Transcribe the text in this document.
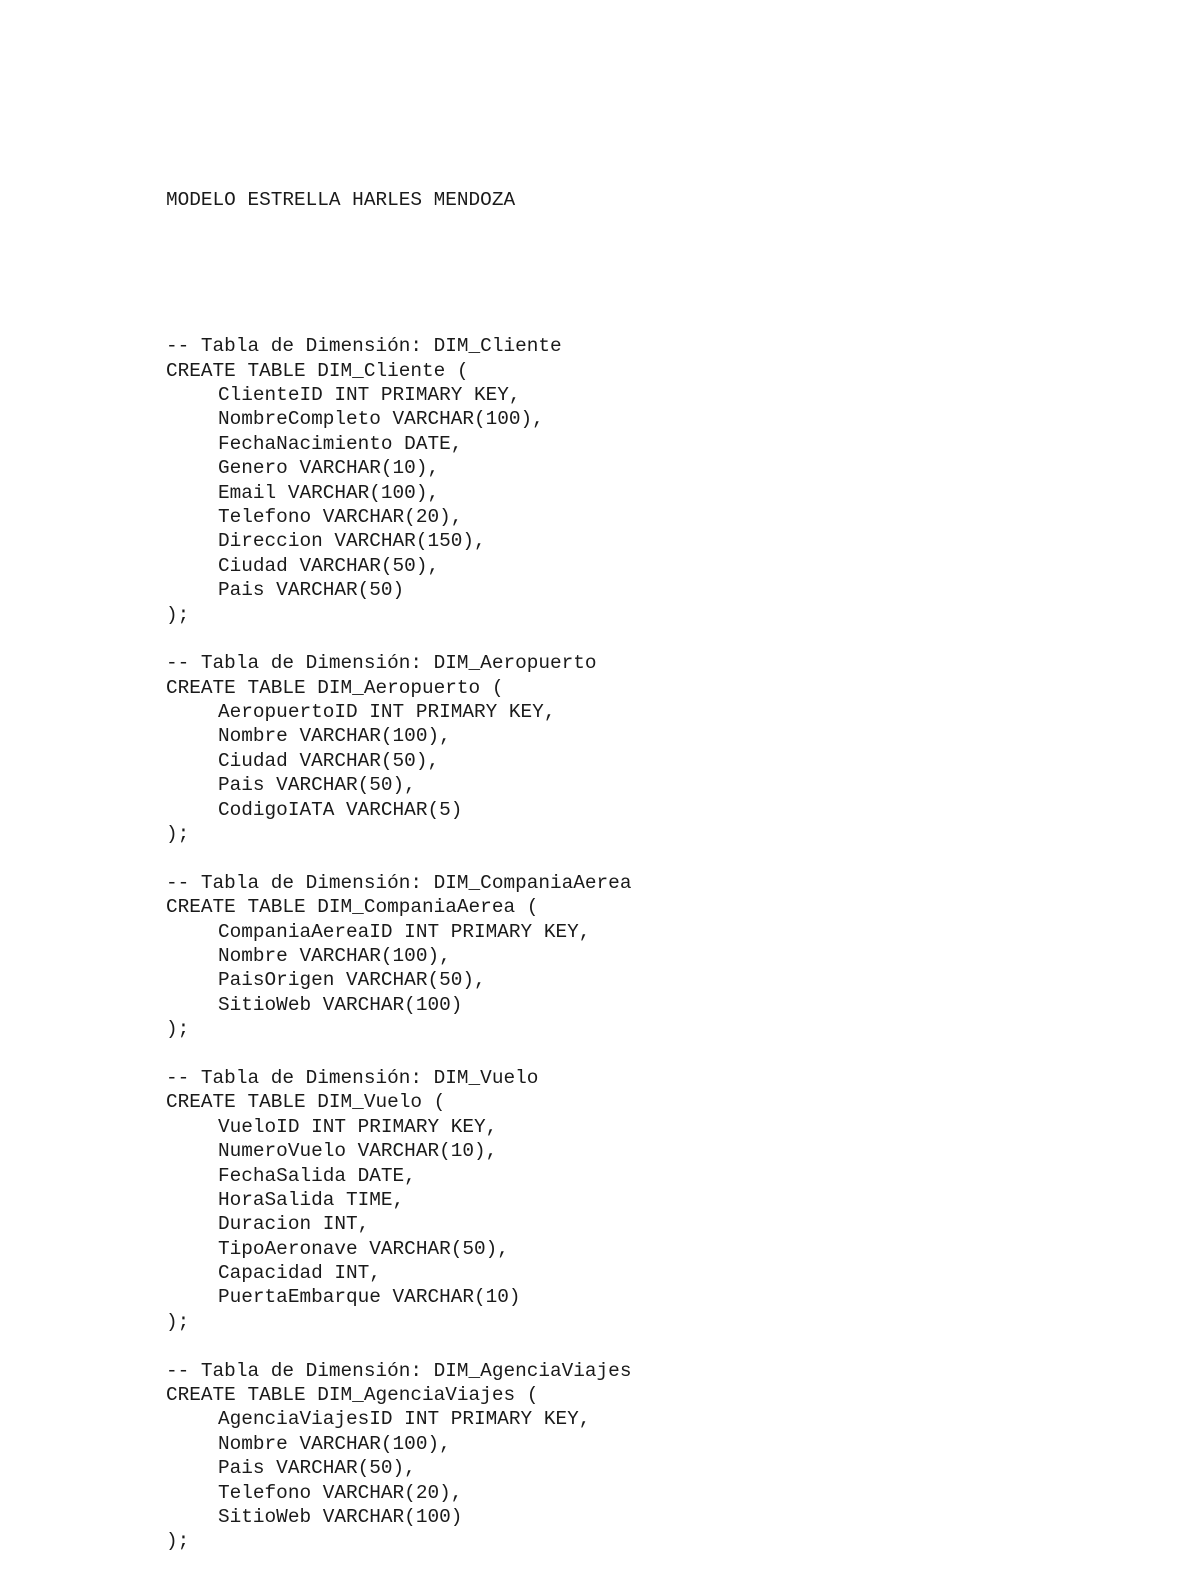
MODELO ESTRELLA HARLES MENDOZA

-- Tabla de Dimensión: DIM_Cliente
CREATE TABLE DIM_Cliente (
ClienteID INT PRIMARY KEY,
NombreCompleto VARCHAR(100),
FechaNacimiento DATE,
Genero VARCHAR(10),
Email VARCHAR(100),
Telefono VARCHAR(20),
Direccion VARCHAR(150),
Ciudad VARCHAR(50),
Pais VARCHAR(50)
);
-- Tabla de Dimensión: DIM_Aeropuerto
CREATE TABLE DIM_Aeropuerto (
AeropuertoID INT PRIMARY KEY,
Nombre VARCHAR(100),
Ciudad VARCHAR(50),
Pais VARCHAR(50),
CodigoIATA VARCHAR(5)
);
-- Tabla de Dimensión: DIM_CompaniaAerea
CREATE TABLE DIM_CompaniaAerea (
CompaniaAereaID INT PRIMARY KEY,
Nombre VARCHAR(100),
PaisOrigen VARCHAR(50),
SitioWeb VARCHAR(100)
);
-- Tabla de Dimensión: DIM_Vuelo
CREATE TABLE DIM_Vuelo (
VueloID INT PRIMARY KEY,
NumeroVuelo VARCHAR(10),
FechaSalida DATE,
HoraSalida TIME,
Duracion INT,
TipoAeronave VARCHAR(50),
Capacidad INT,
PuertaEmbarque VARCHAR(10)
);
-- Tabla de Dimensión: DIM_AgenciaViajes
CREATE TABLE DIM_AgenciaViajes (
AgenciaViajesID INT PRIMARY KEY,
Nombre VARCHAR(100),
Pais VARCHAR(50),
Telefono VARCHAR(20),
SitioWeb VARCHAR(100)
);
